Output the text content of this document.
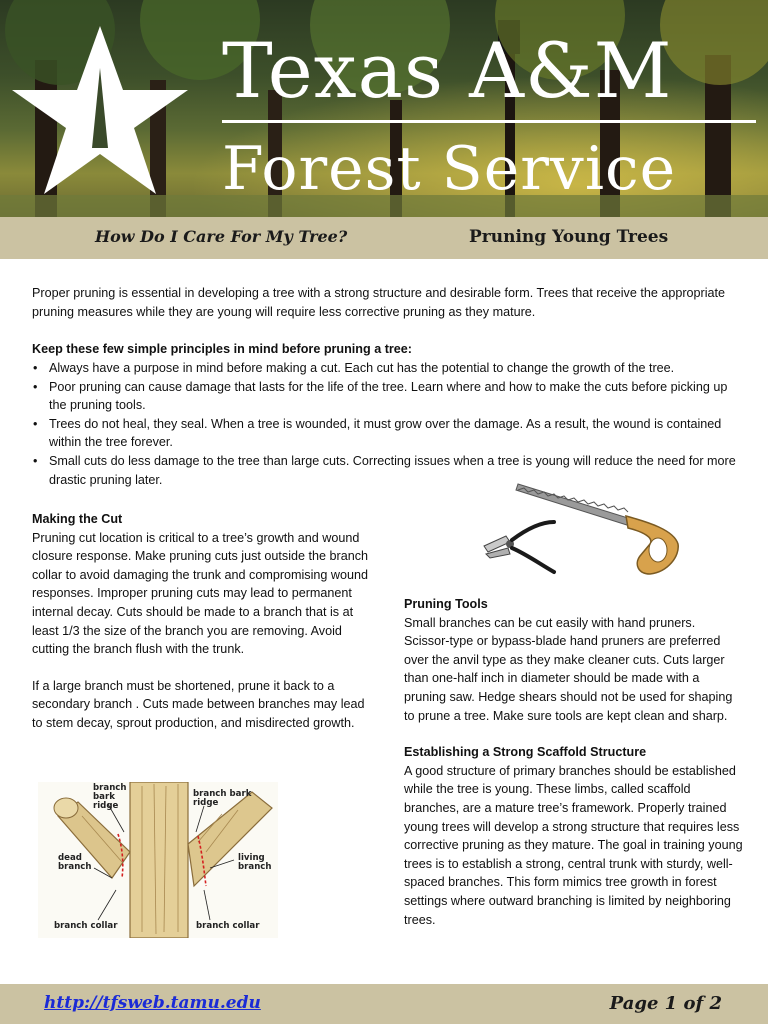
Texas A&M
Forest Service
How Do I Care For My Tree?	Pruning Young Trees
Proper pruning is essential in developing a tree with a strong structure and desirable form. Trees that receive the appropriate pruning measures while they are young will require less corrective pruning as they mature.
Keep these few simple principles in mind before pruning a tree:
• Always have a purpose in mind before making a cut. Each cut has the potential to change the growth of the tree.
• Poor pruning can cause damage that lasts for the life of the tree. Learn where and how to make the cuts before picking up the pruning tools.
• Trees do not heal, they seal. When a tree is wounded, it must grow over the damage. As a result, the wound is contained within the tree forever.
• Small cuts do less damage to the tree than large cuts. Correcting issues when a tree is young will reduce the need for more drastic pruning later.
Making the Cut

Pruning cut location is critical to a tree’s growth and wound closure response. Make pruning cuts just outside the branch collar to avoid damaging the trunk and compromising wound responses. Improper pruning cuts may lead to permanent internal decay. Cuts should be made to a branch that is at least 1/3 the size of the branch you are removing. Avoid cutting the branch flush with the trunk.

If a large branch must be shortened, prune it back to a secondary branch . Cuts made between branches may lead to stem decay, sprout production, and misdirected growth.

branch
bark
ridge
branch bark
ridge
dead
branch
living
branch
branch collar	branch collar
Pruning Tools

Small branches can be cut easily with hand pruners. Scissor-type or bypass-blade hand pruners are preferred over the anvil type as they make cleaner cuts. Cuts larger than one-half inch in diameter should be made with a pruning saw. Hedge shears should not be used for shaping to prune a tree. Make sure tools are kept clean and sharp.

Establishing a Strong Scaffold Structure

A good structure of primary branches should be established while the tree is young. These limbs, called scaffold branches, are a mature tree’s framework. Properly trained young trees will develop a strong structure that requires less corrective pruning as they mature. The goal in training young trees is to establish a strong, central trunk with sturdy, well-spaced branches. This form mimics tree growth in forest settings where outward branching is limited by neighboring trees.

http://tfsweb.tamu.edu	Page 1 of 2
